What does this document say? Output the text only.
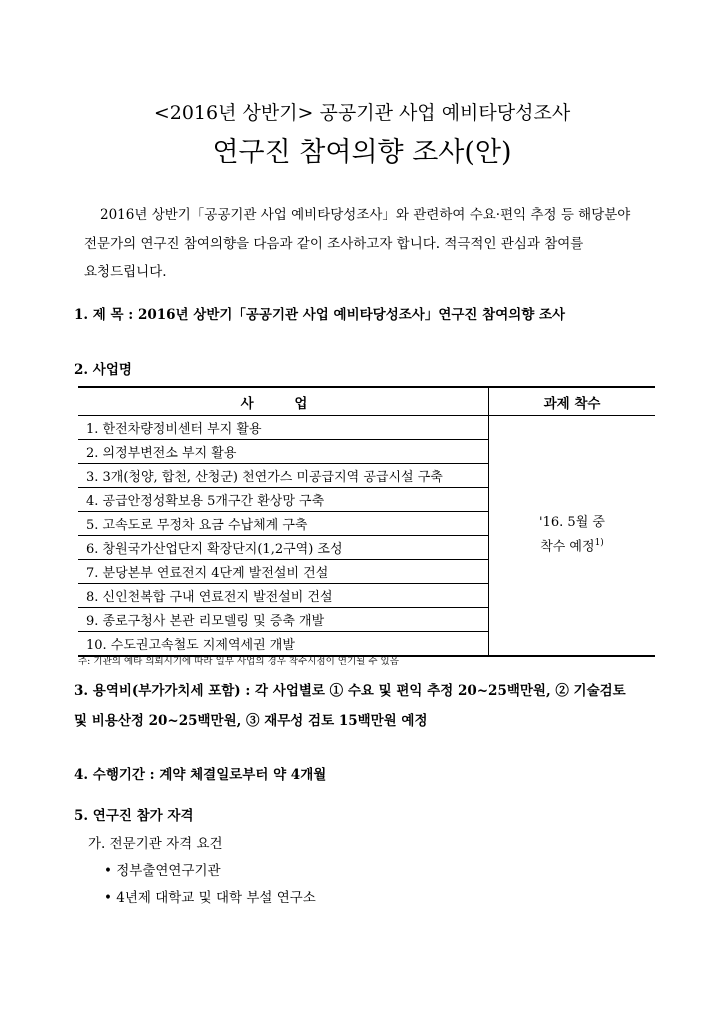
<2016년 상반기> 공공기관 사업 예비타당성조사
연구진 참여의향 조사(안)
2016년 상반기「공공기관 사업 예비타당성조사」와 관련하여 수요·편익 추정 등 해당분야
전문가의 연구진 참여의향을 다음과 같이 조사하고자 합니다. 적극적인 관심과 참여를
요청드립니다.
1. 제 목 : 2016년 상반기「공공기관 사업 예비타당성조사」연구진 참여의향 조사
2. 사업명
사 업	과제 착수
1. 한전차량정비센터 부지 활용	'16. 5월 중
착수 예정$^{1)}$

2. 의정부변전소 부지 활용	
3. 3개(청양, 합천, 산청군) 천연가스 미공급지역 공급시설 구축	
4. 공급안정성확보용 5개구간 환상망 구축	
5. 고속도로 무정차 요금 수납체계 구축	
6. 창원국가산업단지 확장단지(1,2구역) 조성	
7. 분당본부 연료전지 4단계 발전설비 건설	
8. 신인천복합 구내 연료전지 발전설비 건설	
9. 종로구청사 본관 리모델링 및 증축 개발	
10. 수도권고속철도 지제역세권 개발	
주: 기관의 예타 의뢰시기에 따라 일부 사업의 경우 착수시점이 연기될 수 있음
3. 용역비(부가가치세 포함) : 각 사업별로 ① 수요 및 편익 추정 20~25백만원, ② 기술검토
및 비용산정 20~25백만원, ③ 재무성 검토 15백만원 예정
4. 수행기간 : 계약 체결일로부터 약 4개월
5. 연구진 참가 자격
가. 전문기관 자격 요건
• 정부출연연구기관
• 4년제 대학교 및 대학 부설 연구소
